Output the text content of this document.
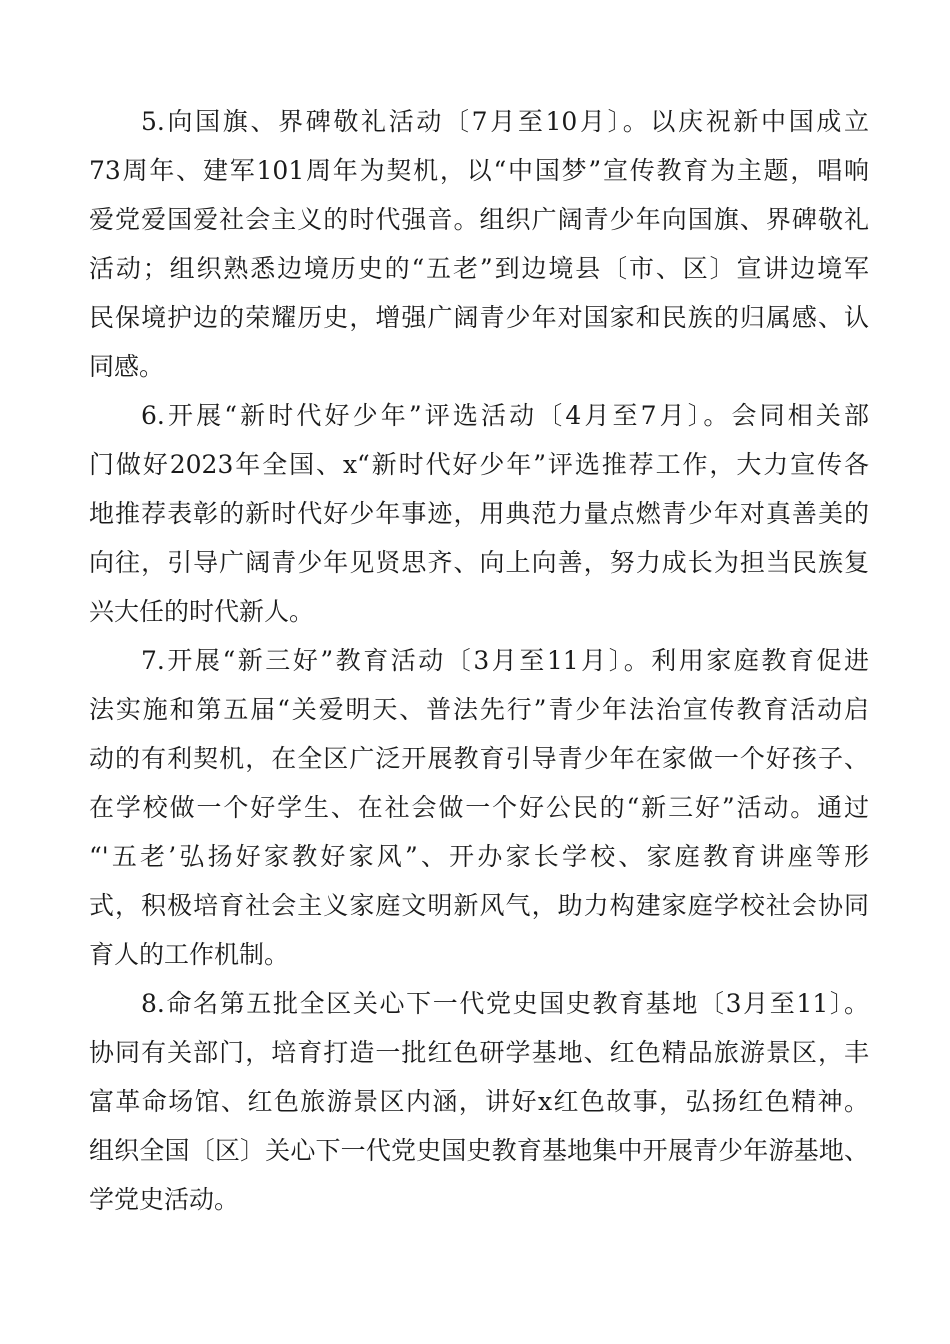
5.向国旗、界碑敬礼活动〔7月至10月〕。以庆祝新中国成立
73周年、建军101周年为契机，以“中国梦”宣传教育为主题，唱响
爱党爱国爱社会主义的时代强音。组织广阔青少年向国旗、界碑敬礼
活动；组织熟悉边境历史的“五老”到边境县〔市、区〕宣讲边境军
民保境护边的荣耀历史，增强广阔青少年对国家和民族的归属感、认
同感。
6.开展“新时代好少年”评选活动〔4月至7月〕。会同相关部
门做好2023年全国、x“新时代好少年”评选推荐工作，大力宣传各
地推荐表彰的新时代好少年事迹，用典范力量点燃青少年对真善美的
向往，引导广阔青少年见贤思齐、向上向善，努力成长为担当民族复
兴大任的时代新人。
7.开展“新三好”教育活动〔3月至11月〕。利用家庭教育促进
法实施和第五届“关爱明天、普法先行”青少年法治宣传教育活动启
动的有利契机，在全区广泛开展教育引导青少年在家做一个好孩子、
在学校做一个好学生、在社会做一个好公民的“新三好”活动。通过
“'五老’弘扬好家教好家风”、开办家长学校、家庭教育讲座等形
式，积极培育社会主义家庭文明新风气，助力构建家庭学校社会协同
育人的工作机制。
8.命名第五批全区关心下一代党史国史教育基地〔3月至11〕。
协同有关部门，培育打造一批红色研学基地、红色精品旅游景区，丰
富革命场馆、红色旅游景区内涵，讲好x红色故事，弘扬红色精神。
组织全国〔区〕关心下一代党史国史教育基地集中开展青少年游基地、
学党史活动。
